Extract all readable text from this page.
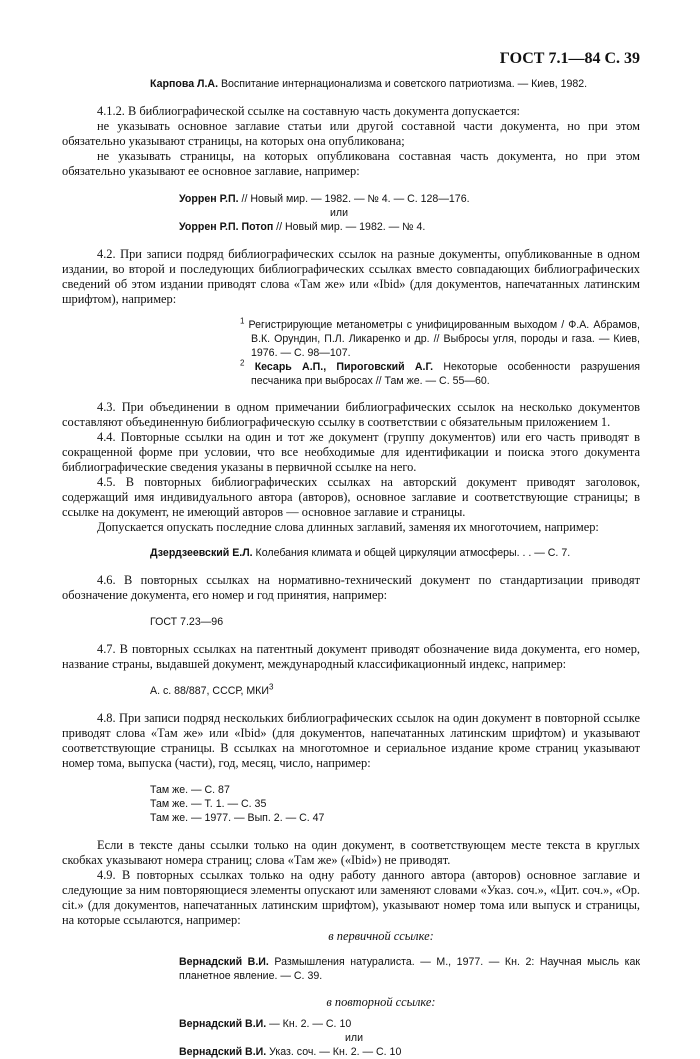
ГОСТ 7.1—84 С. 39
Карпова Л.А. Воспитание интернационализма и советского патриотизма. — Киев, 1982.

4.1.2. В библиографической ссылке на составную часть документа допускается:

не указывать основное заглавие статьи или другой составной части документа, но при этом обязательно указывают страницы, на которых она опубликована;

не указывать страницы, на которых опубликована составная часть документа, но при этом обязательно указывают ее основное заглавие, например:

Уоррен Р.П. // Новый мир. — 1982. — № 4. — С. 128—176.
или
Уоррен Р.П. Потоп // Новый мир. — 1982. — № 4.

4.2. При записи подряд библиографических ссылок на разные документы, опубликованные в одном издании, во второй и последующих библиографических ссылках вместо совпадающих библиографических сведений об этом издании приводят слова «Там же» или «Ibid» (для документов, напечатанных латинским шрифтом), например:

$^1$ Регистрирующие метанометры с унифицированным выходом / Ф.А. Абрамов, В.К. Орундин, П.Л. Ликаренко и др. // Выбросы угля, породы и газа. — Киев, 1976. — С. 98—107.
$^2$ Кесарь А.П., Пироговский А.Г. Некоторые особенности разрушения песчаника при выбросах // Там же. — С. 55—60.

4.3. При объединении в одном примечании библиографических ссылок на несколько документов составляют объединенную библиографическую ссылку в соответствии с обязательным приложением 1.

4.4. Повторные ссылки на один и тот же документ (группу документов) или его часть приводят в сокращенной форме при условии, что все необходимые для идентификации и поиска этого документа библиографические сведения указаны в первичной ссылке на него.

4.5. В повторных библиографических ссылках на авторский документ приводят заголовок, содержащий имя индивидуального автора (авторов), основное заглавие и соответствующие страницы; в ссылке на документ, не имеющий авторов — основное заглавие и страницы.

Допускается опускать последние слова длинных заглавий, заменяя их многоточием, например:

Дзердзеевский Е.Л. Колебания климата и общей циркуляции атмосферы. . . — С. 7.

4.6. В повторных ссылках на нормативно-технический документ по стандартизации приводят обозначение документа, его номер и год принятия, например:

ГОСТ 7.23—96

4.7. В повторных ссылках на патентный документ приводят обозначение вида документа, его номер, название страны, выдавшей документ, международный классификационный индекс, например:

А. с. 88/887, СССР, МКИ$^3$

4.8. При записи подряд нескольких библиографических ссылок на один документ в повторной ссылке приводят слова «Там же» или «Ibid» (для документов, напечатанных латинским шрифтом) и указывают соответствующие страницы. В ссылках на многотомное и сериальное издание кроме страниц указывают номер тома, выпуска (части), год, месяц, число, например:

Там же. — С. 87
Там же. — Т. 1. — С. 35
Там же. — 1977. — Вып. 2. — С. 47

Если в тексте даны ссылки только на один документ, в соответствующем месте текста в круглых скобках указывают номера страниц; слова «Там же» («Ibid») не приводят.

4.9. В повторных ссылках только на одну работу данного автора (авторов) основное заглавие и следующие за ним повторяющиеся элементы опускают или заменяют словами «Указ. соч.», «Цит. соч.», «Op. cit.» (для документов, напечатанных латинским шрифтом), указывают номер тома или выпуск и страницы, на которые ссылаются, например:

в первичной ссылке:
Вернадский В.И. Размышления натуралиста. — М., 1977. — Кн. 2: Научная мысль как планетное явление. — С. 39.
в повторной ссылке:
Вернадский В.И. — Кн. 2. — С. 10
или
Вернадский В.И. Указ. соч. — Кн. 2. — С. 10
